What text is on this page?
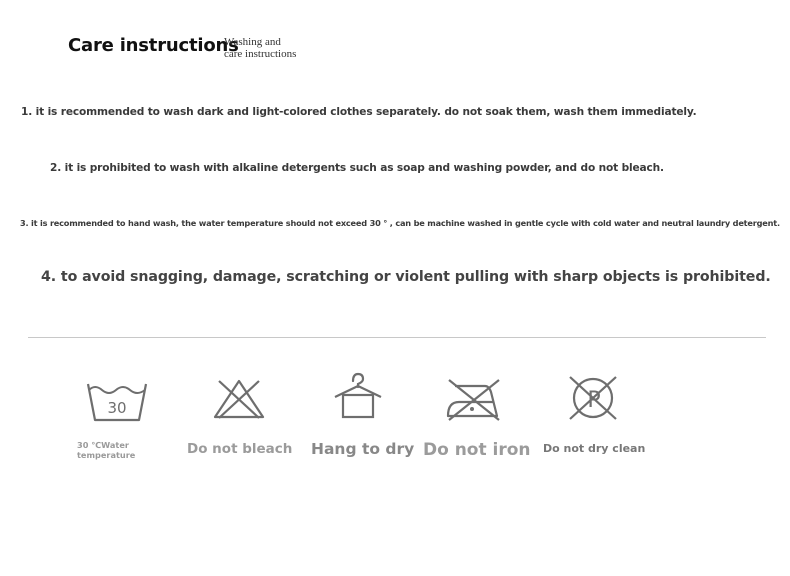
Care instructions
Washing and
care instructions
1. it is recommended to wash dark and light-colored clothes separately. do not soak them, wash them immediately.
2. it is prohibited to wash with alkaline detergents such as soap and washing powder, and do not bleach.
3. it is recommended to hand wash, the water temperature should not exceed 30 ° , can be machine washed in gentle cycle with cold water and neutral laundry detergent.
4. to avoid snagging, damage, scratching or violent pulling with sharp objects is prohibited.
30	P
30 ℃Water temperature	Do not bleach Hang to dry Do not iron Do not dry clean
